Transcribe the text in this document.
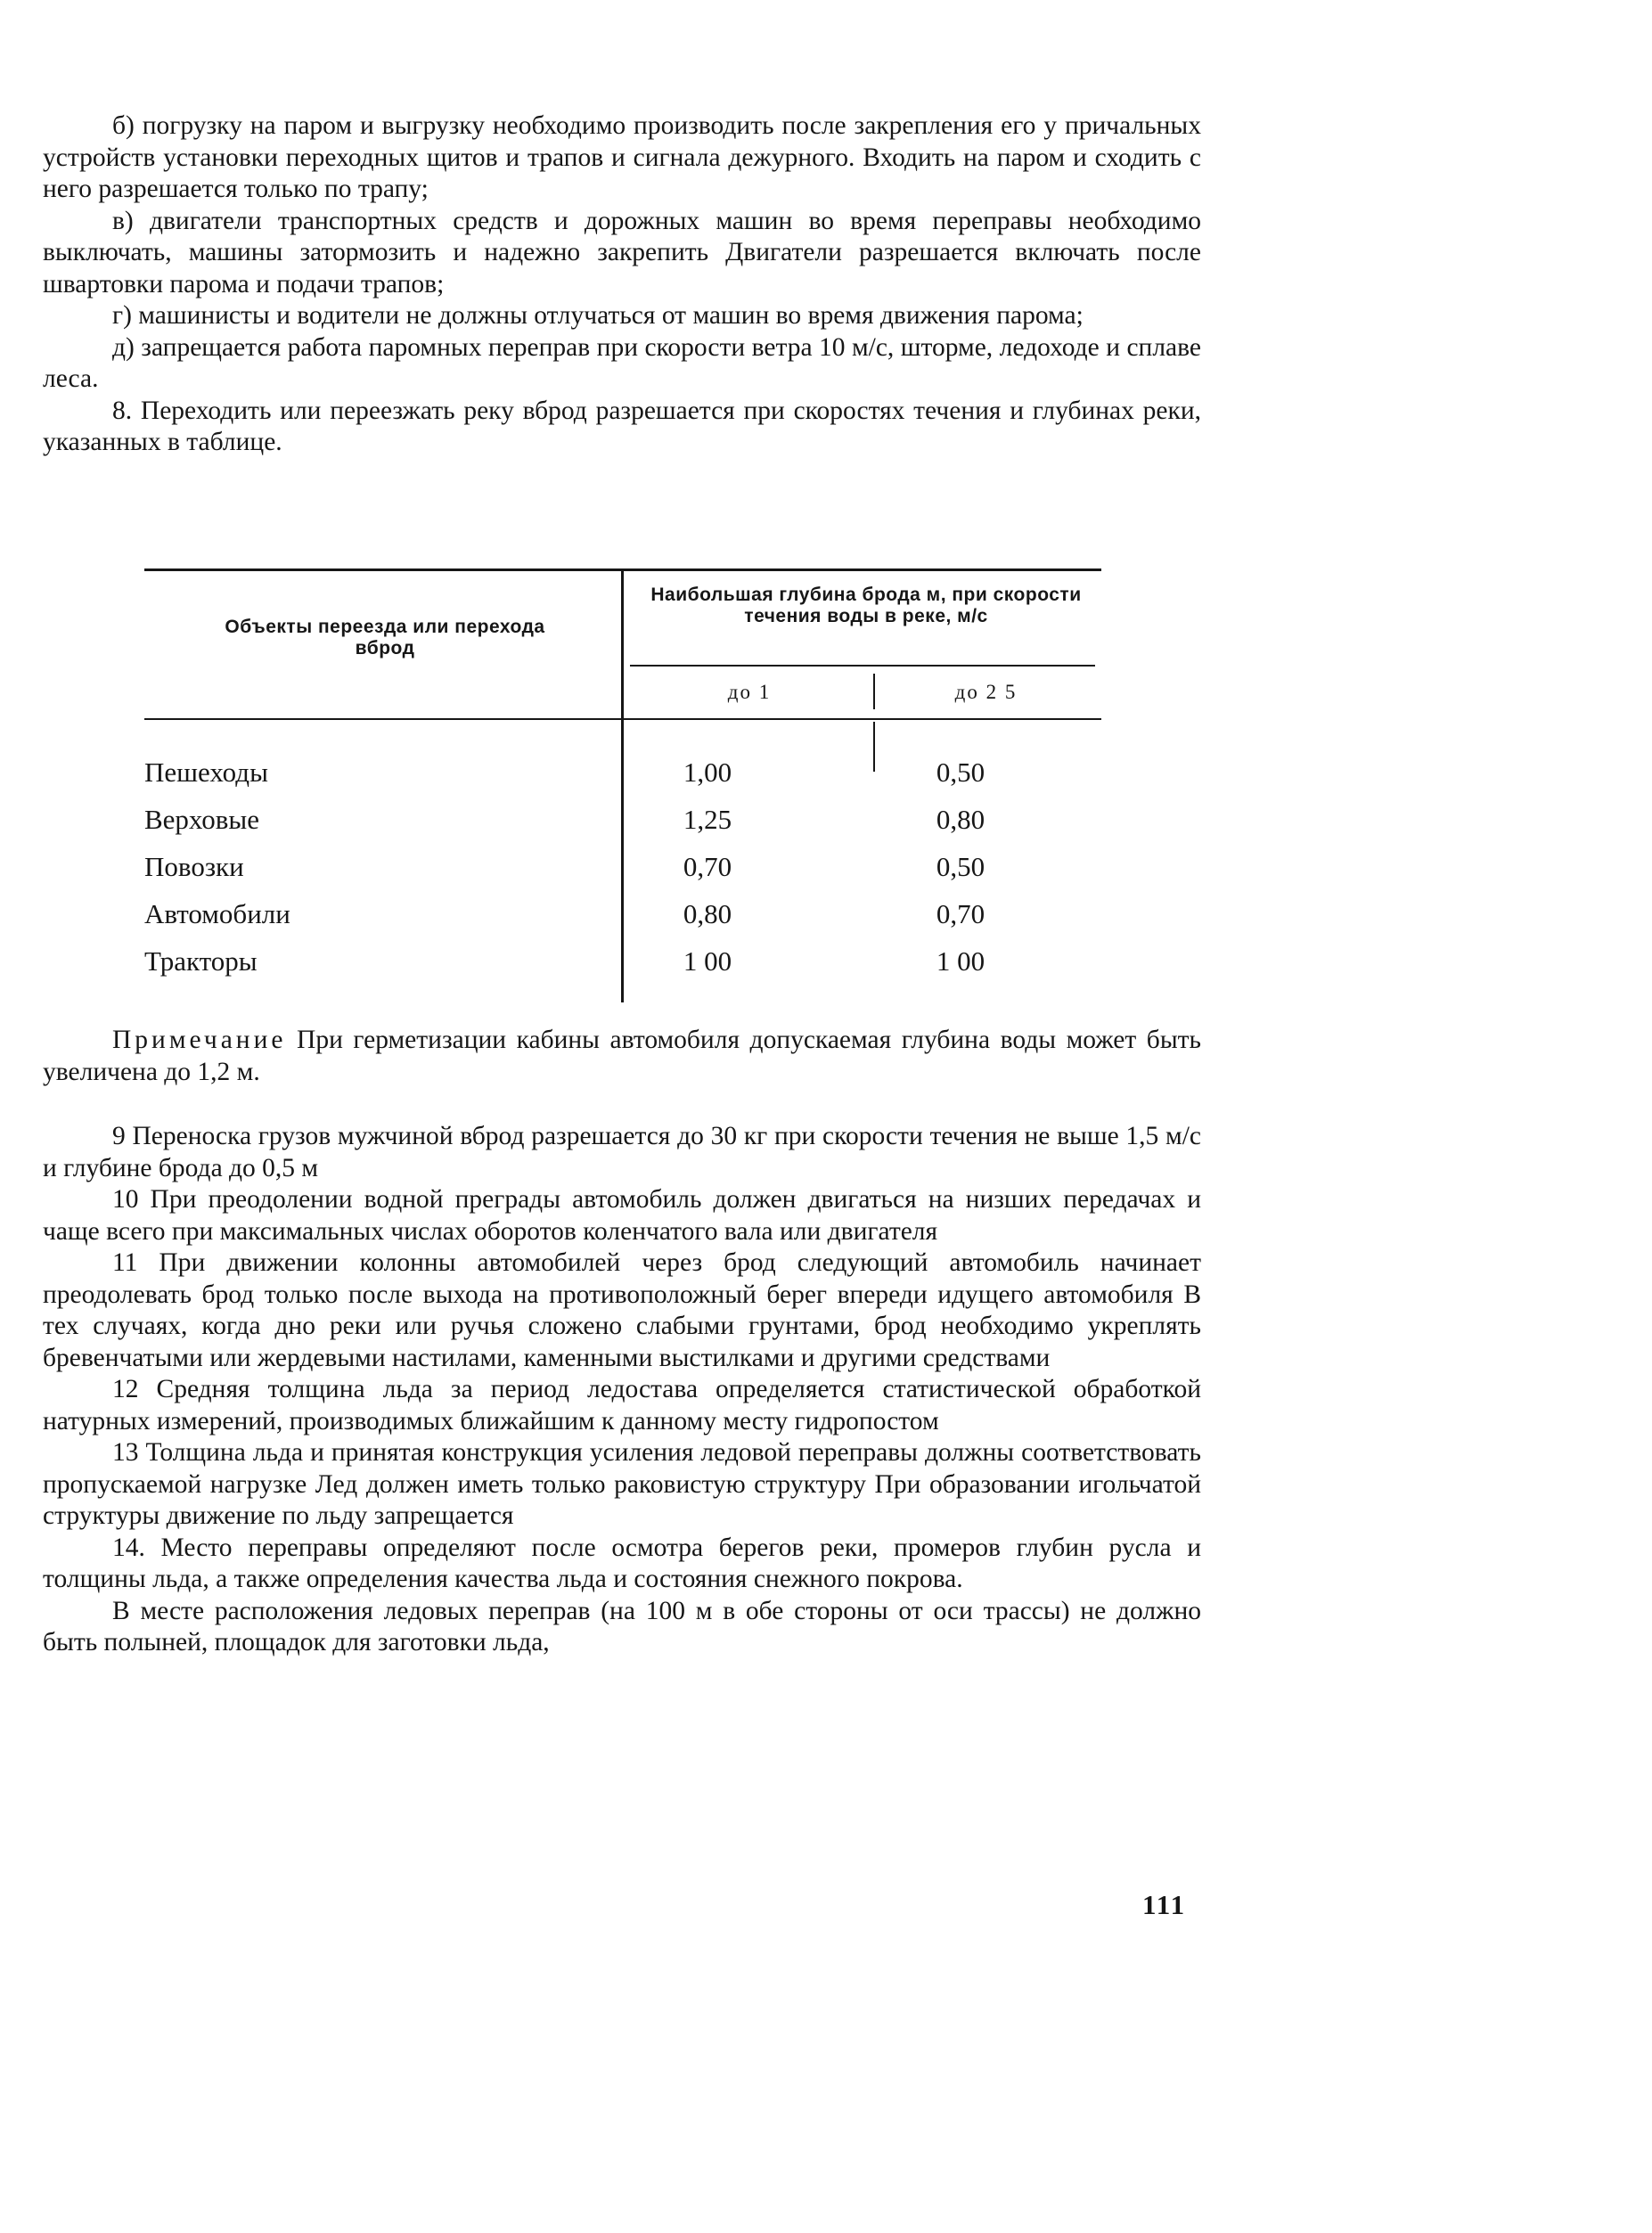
б) погрузку на паром и выгрузку необходимо производить после закрепления его у причальных устройств установки переходных щитов и трапов и сигнала дежурного. Входить на паром и сходить с него разрешается только по трапу;

в) двигатели транспортных средств и дорожных машин во время переправы необходимо выключать, машины затормозить и надежно закрепить Двигатели разрешается включать после швартовки парома и подачи трапов;

г) машинисты и водители не должны отлучаться от машин во время движения парома;

д) запрещается работа паромных переправ при скорости ветра 10 м/с, шторме, ледоходе и сплаве леса.

8. Переходить или переезжать реку вброд разрешается при скоростях течения и глубинах реки, указанных в таблице.

Объекты переезда или перехода вброд
Наибольшая глубина брода м, при скорости течения воды в реке, м/с
до 1	до 2 5
Пешеходы	1,00	0,50
Верховые	1,25	0,80
Повозки	0,70	0,50
Автомобили	0,80	0,70
Тракторы	1 00	1 00

Примечание При герметизации кабины автомобиля допускаемая глубина воды может быть увеличена до 1,2 м.

9 Переноска грузов мужчиной вброд разрешается до 30 кг при скорости течения не выше 1,5 м/с и глубине брода до 0,5 м

10 При преодолении водной преграды автомобиль должен двигаться на низших передачах и чаще всего при максимальных числах оборотов коленчатого вала или двигателя

11 При движении колонны автомобилей через брод следующий автомобиль начинает преодолевать брод только после выхода на противоположный берег впереди идущего автомобиля В тех случаях, когда дно реки или ручья сложено слабыми грунтами, брод необходимо укреплять бревенчатыми или жердевыми настилами, каменными выстилками и другими средствами

12 Средняя толщина льда за период ледостава определяется статистической обработкой натурных измерений, производимых ближайшим к данному месту гидропостом

13 Толщина льда и принятая конструкция усиления ледовой переправы должны соответствовать пропускаемой нагрузке Лед должен иметь только раковистую структуру При образовании игольчатой структуры движение по льду запрещается

14. Место переправы определяют после осмотра берегов реки, промеров глубин русла и толщины льда, а также определения качества льда и состояния снежного покрова.

В месте расположения ледовых переправ (на 100 м в обе стороны от оси трассы) не должно быть полыней, площадок для заготовки льда,

111
